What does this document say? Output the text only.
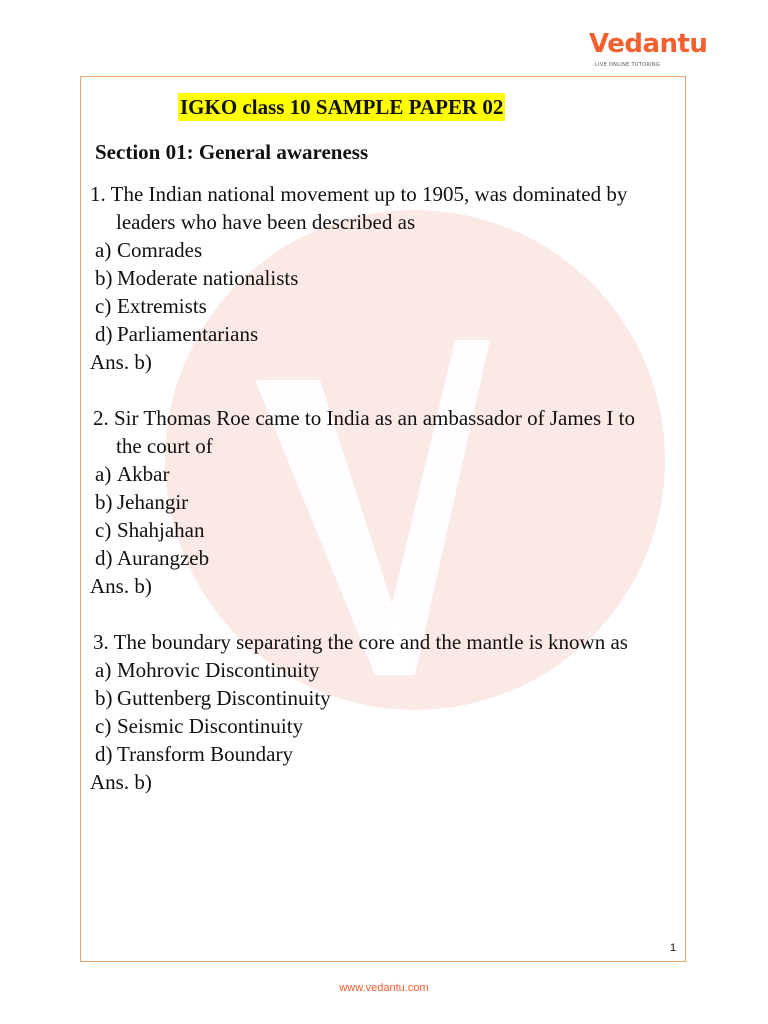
Vedantu
LIVE ONLINE TUTORING
IGKO class 10 SAMPLE PAPER 02
Section 01: General awareness
1. The Indian national movement up to 1905, was dominated by
leaders who have been described as
a) Comrades
b) Moderate nationalists
c) Extremists
d) Parliamentarians
Ans. b)
2. Sir Thomas Roe came to India as an ambassador of James I to
the court of
a) Akbar
b) Jehangir
c) Shahjahan
d) Aurangzeb
Ans. b)
3. The boundary separating the core and the mantle is known as
a) Mohrovic Discontinuity
b) Guttenberg Discontinuity
c) Seismic Discontinuity
d) Transform Boundary
Ans. b)
1
www.vedantu.com
